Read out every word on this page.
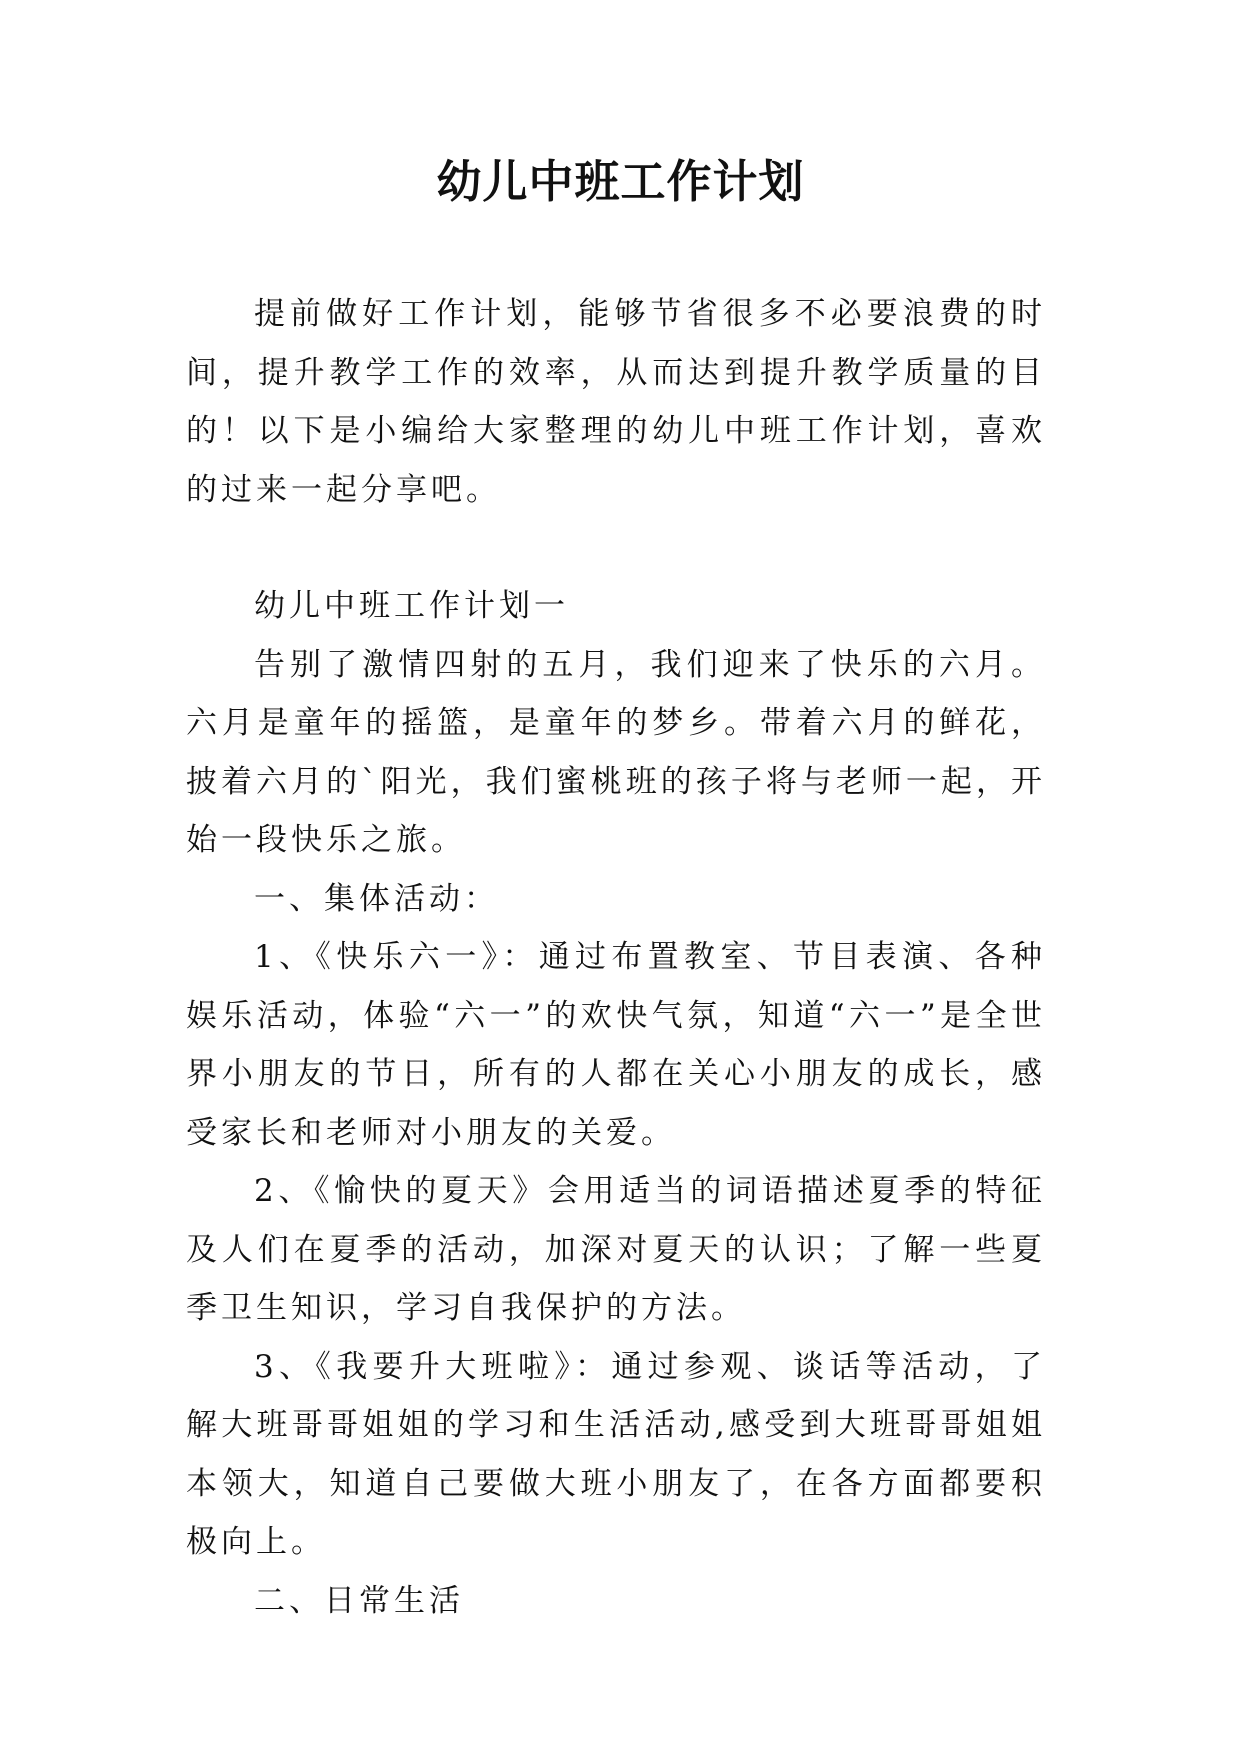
幼儿中班工作计划

提前做好工作计划，能够节省很多不必要浪费的时间，提升教学工作的效率，从而达到提升教学质量的目的！以下是小编给大家整理的幼儿中班工作计划，喜欢的过来一起分享吧。

幼儿中班工作计划一

告别了激情四射的五月，我们迎来了快乐的六月。六月是童年的摇篮，是童年的梦乡。带着六月的鲜花，披着六月的`阳光，我们蜜桃班的孩子将与老师一起，开始一段快乐之旅。

一、集体活动：

1、《快乐六一》：通过布置教室、节目表演、各种娱乐活动，体验“六一”的欢快气氛，知道“六一”是全世界小朋友的节日，所有的人都在关心小朋友的成长，感受家长和老师对小朋友的关爱。

2、《愉快的夏天》会用适当的词语描述夏季的特征及人们在夏季的活动，加深对夏天的认识；了解一些夏季卫生知识，学习自我保护的方法。

3、《我要升大班啦》：通过参观、谈话等活动，了解大班哥哥姐姐的学习和生活活动,感受到大班哥哥姐姐本领大，知道自己要做大班小朋友了，在各方面都要积极向上。

二、日常生活
